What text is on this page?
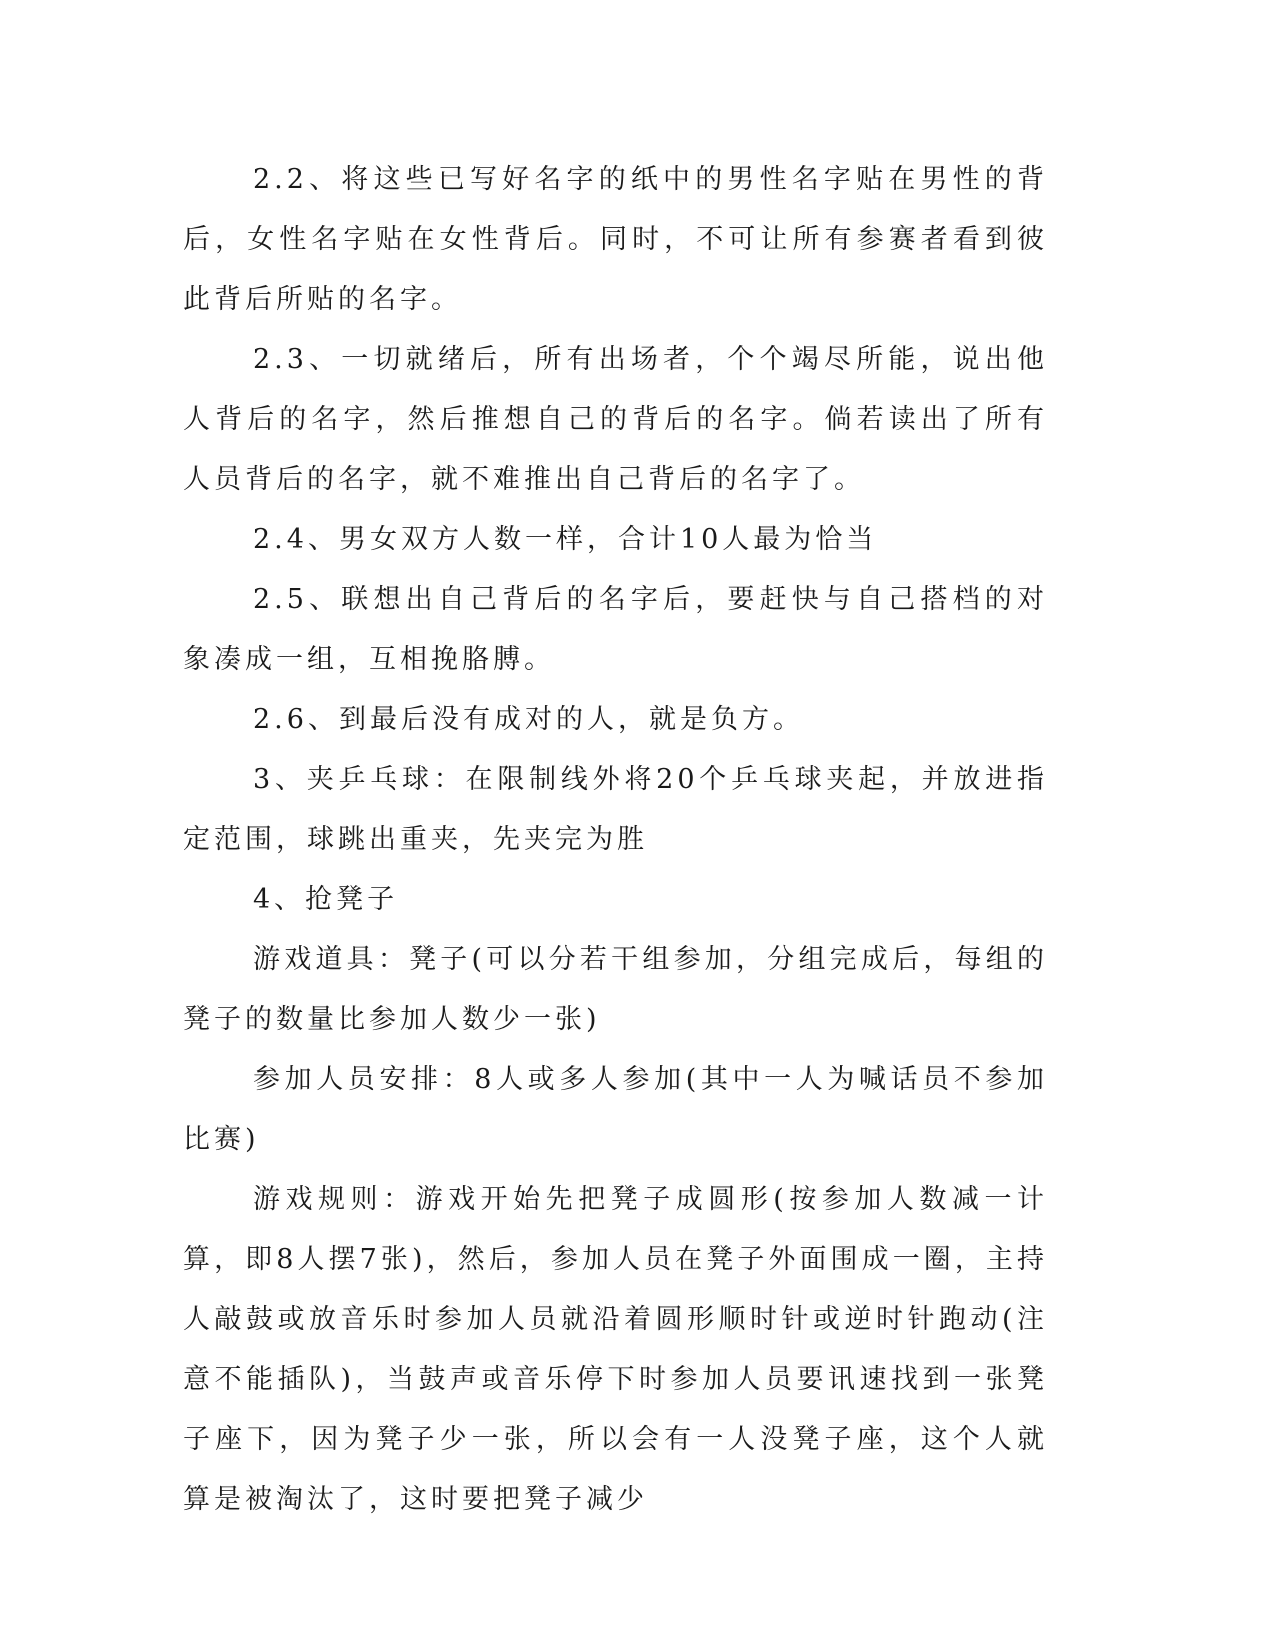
2.2、将这些已写好名字的纸中的男性名字贴在男性的背后，女性名字贴在女性背后。同时，不可让所有参赛者看到彼此背后所贴的名字。

2.3、一切就绪后，所有出场者，个个竭尽所能，说出他人背后的名字，然后推想自己的背后的名字。倘若读出了所有人员背后的名字，就不难推出自己背后的名字了。

2.4、男女双方人数一样，合计10人最为恰当

2.5、联想出自己背后的名字后，要赶快与自己搭档的对象凑成一组，互相挽胳膊。

2.6、到最后没有成对的人，就是负方。

3、夹乒乓球：在限制线外将20个乒乓球夹起，并放进指定范围，球跳出重夹，先夹完为胜

4、抢凳子

游戏道具：凳子(可以分若干组参加，分组完成后，每组的凳子的数量比参加人数少一张)

参加人员安排：8人或多人参加(其中一人为喊话员不参加比赛)

游戏规则：游戏开始先把凳子成圆形(按参加人数减一计算，即8人摆7张)，然后，参加人员在凳子外面围成一圈，主持人敲鼓或放音乐时参加人员就沿着圆形顺时针或逆时针跑动(注意不能插队)，当鼓声或音乐停下时参加人员要讯速找到一张凳子座下，因为凳子少一张，所以会有一人没凳子座，这个人就算是被淘汰了，这时要把凳子减少
